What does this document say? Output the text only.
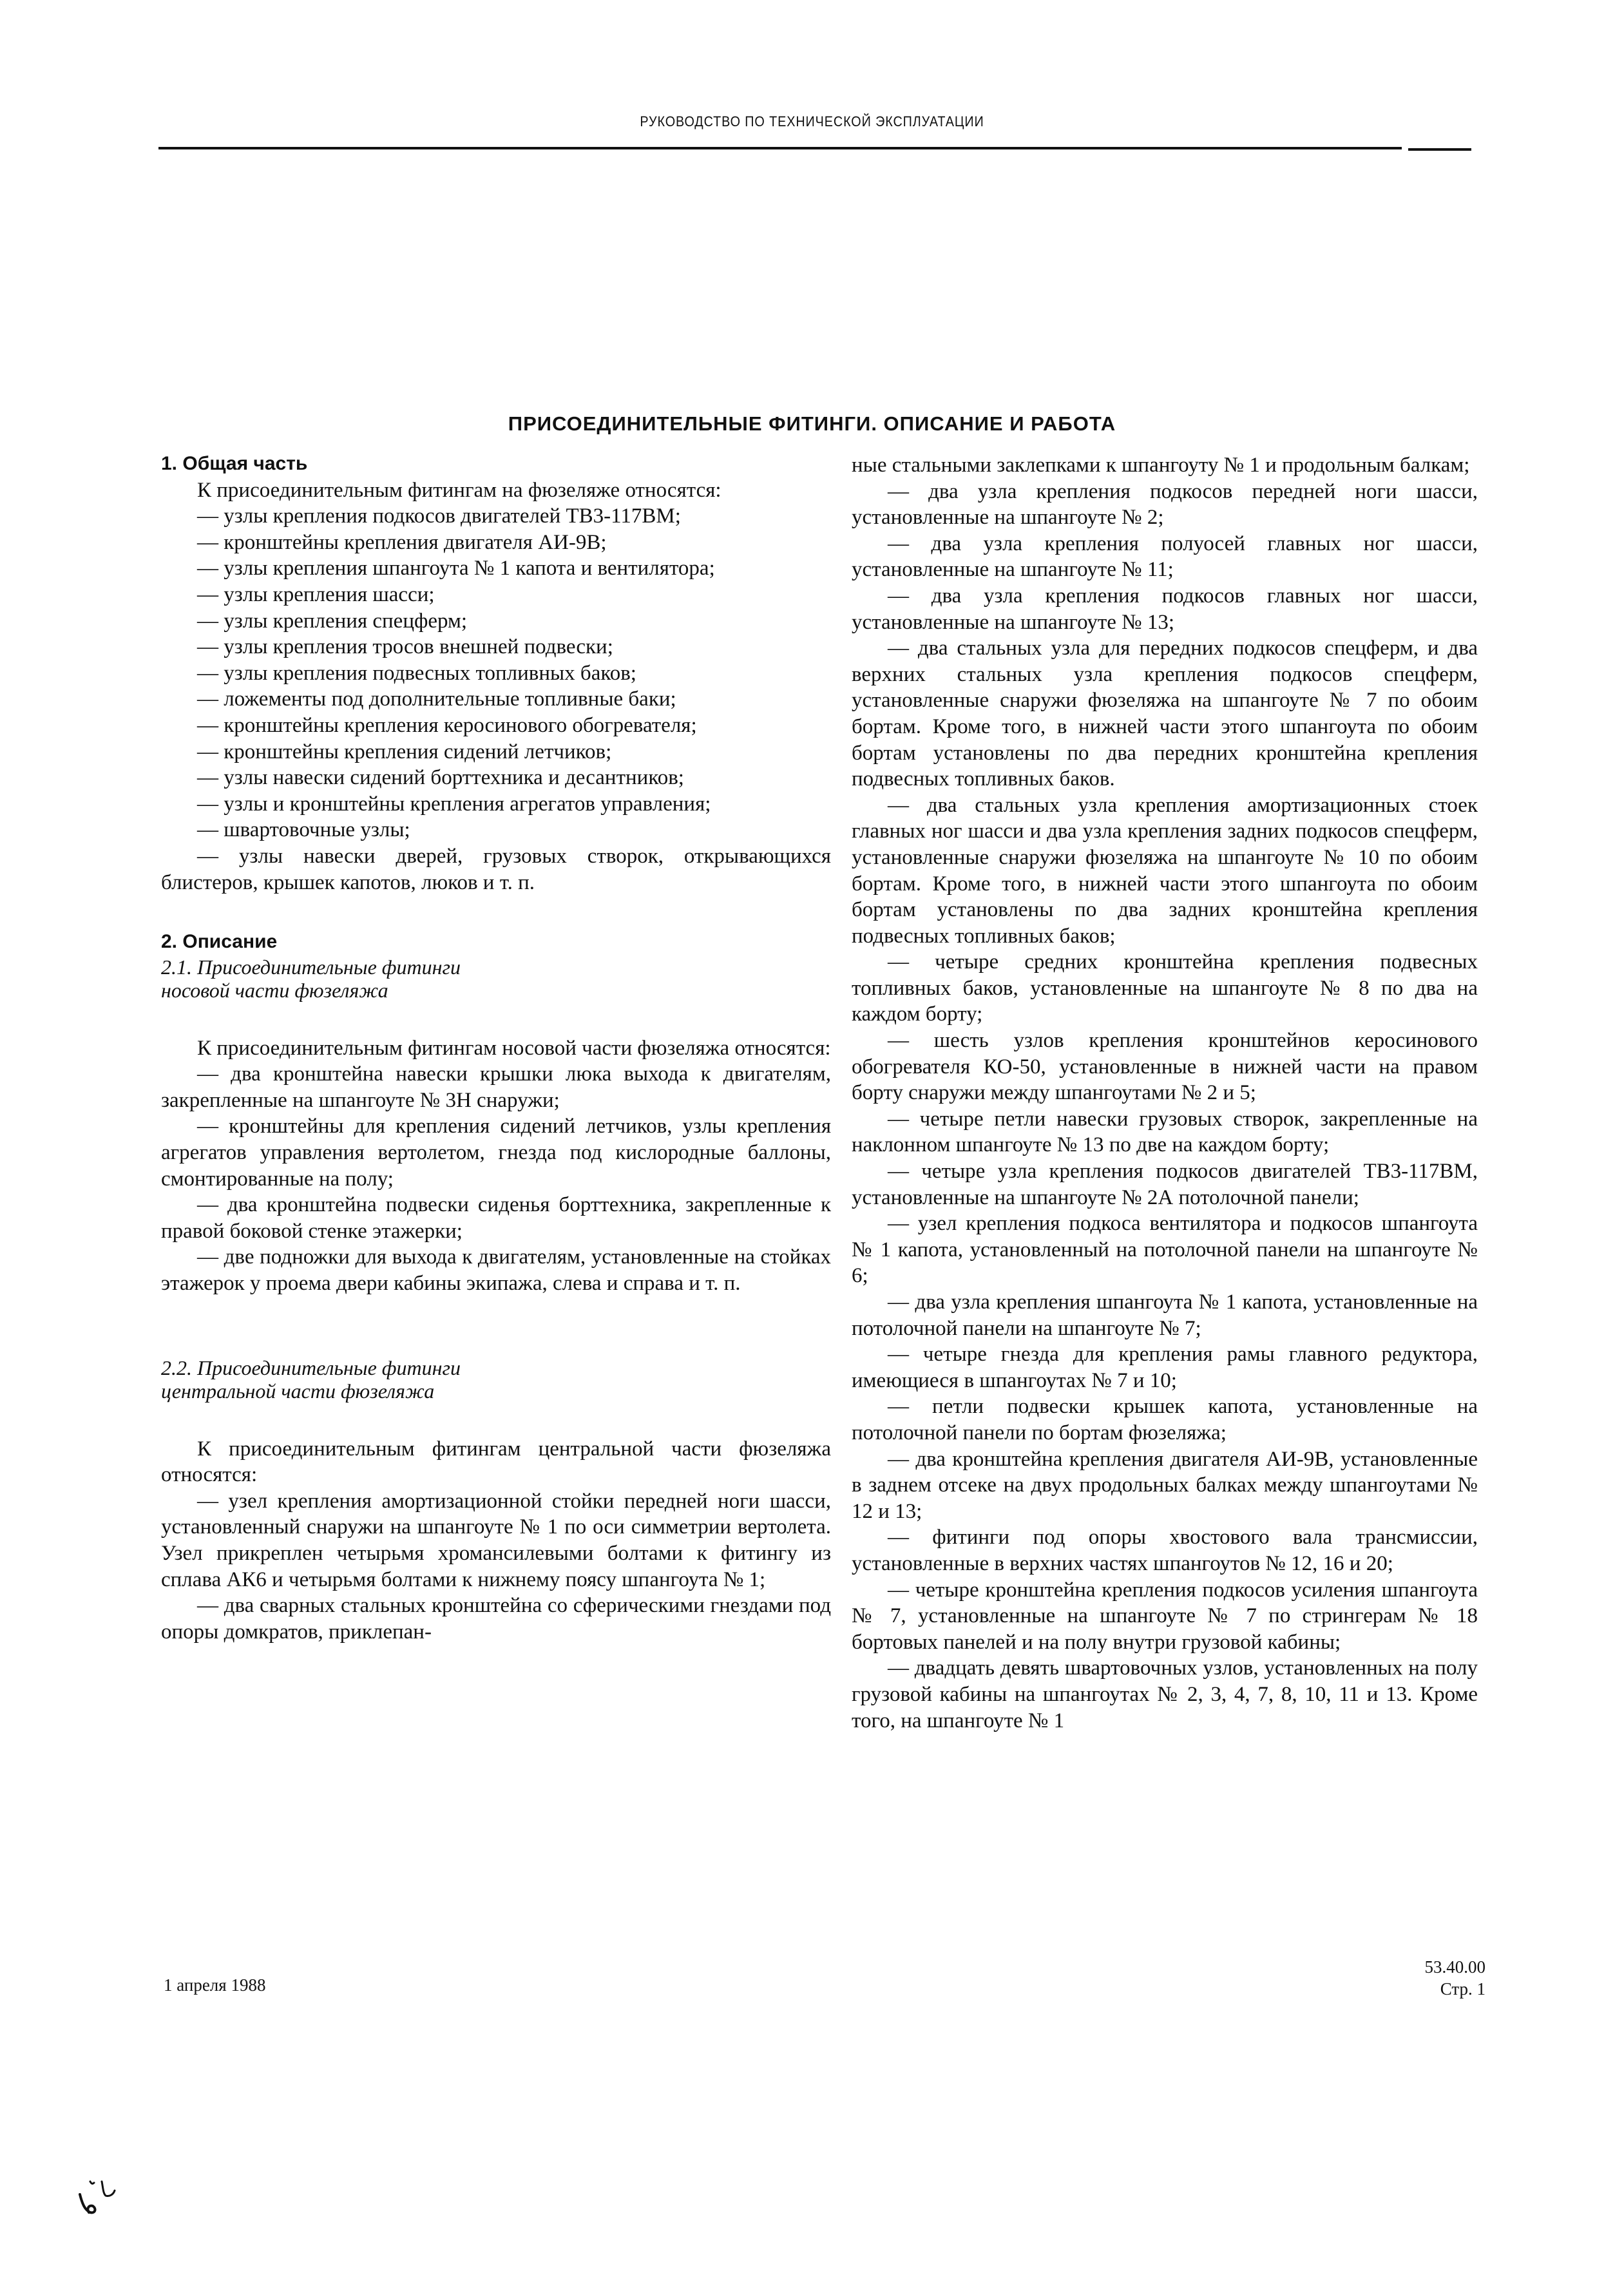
РУКОВОДСТВО ПО ТЕХНИЧЕСКОЙ ЭКСПЛУАТАЦИИ
ПРИСОЕДИНИТЕЛЬНЫЕ ФИТИНГИ. ОПИСАНИЕ И РАБОТА

1. Общая часть

К присоединительным фитингам на фюзеляже относятся:

— узлы крепления подкосов двигателей ТВ3-117ВМ;

— кронштейны крепления двигателя АИ-9В;

— узлы крепления шпангоута № 1 капота и вентилятора;

— узлы крепления шасси;

— узлы крепления спецферм;

— узлы крепления тросов внешней подвески;

— узлы крепления подвесных топливных баков;

— ложементы под дополнительные топливные баки;

— кронштейны крепления керосинового обогревателя;

— кронштейны крепления сидений летчиков;

— узлы навески сидений борттехника и десантников;

— узлы и кронштейны крепления агрегатов управления;

— швартовочные узлы;

— узлы навески дверей, грузовых створок, открывающихся блистеров, крышек капотов, люков и т. п.

2. Описание

2.1. Присоединительные фитинги

носовой части фюзеляжа

К присоединительным фитингам носовой части фюзеляжа относятся:

— два кронштейна навески крышки люка выхода к двигателям, закрепленные на шпангоуте № 3Н снаружи;

— кронштейны для крепления сидений летчиков, узлы крепления агрегатов управления вертолетом, гнезда под кислородные баллоны, смонтированные на полу;

— два кронштейна подвески сиденья борттехника, закрепленные к правой боковой стенке этажерки;

— две подножки для выхода к двигателям, установленные на стойках этажерок у проема двери кабины экипажа, слева и справа и т. п.

2.2. Присоединительные фитинги

центральной части фюзеляжа

К присоединительным фитингам центральной части фюзеляжа относятся:

— узел крепления амортизационной стойки передней ноги шасси, установленный снаружи на шпангоуте № 1 по оси симметрии вертолета. Узел прикреплен четырьмя хромансилевыми болтами к фитингу из сплава АК6 и четырьмя болтами к нижнему поясу шпангоута № 1;

— два сварных стальных кронштейна со сферическими гнездами под опоры домкратов, приклепан-

ные стальными заклепками к шпангоуту № 1 и продольным балкам;

— два узла крепления подкосов передней ноги шасси, установленные на шпангоуте № 2;

— два узла крепления полуосей главных ног шасси, установленные на шпангоуте № 11;

— два узла крепления подкосов главных ног шасси, установленные на шпангоуте № 13;

— два стальных узла для передних подкосов спецферм, и два верхних стальных узла крепления подкосов спецферм, установленные снаружи фюзеляжа на шпангоуте № 7 по обоим бортам. Кроме того, в нижней части этого шпангоута по обоим бортам установлены по два передних кронштейна крепления подвесных топливных баков.

— два стальных узла крепления амортизационных стоек главных ног шасси и два узла крепления задних подкосов спецферм, установленные снаружи фюзеляжа на шпангоуте № 10 по обоим бортам. Кроме того, в нижней части этого шпангоута по обоим бортам установлены по два задних кронштейна крепления подвесных топливных баков;

— четыре средних кронштейна крепления подвесных топливных баков, установленные на шпангоуте № 8 по два на каждом борту;

— шесть узлов крепления кронштейнов керосинового обогревателя КО-50, установленные в нижней части на правом борту снаружи между шпангоутами № 2 и 5;

— четыре петли навески грузовых створок, закрепленные на наклонном шпангоуте № 13 по две на каждом борту;

— четыре узла крепления подкосов двигателей ТВ3-117ВМ, установленные на шпангоуте № 2А потолочной панели;

— узел крепления подкоса вентилятора и подкосов шпангоута № 1 капота, установленный на потолочной панели на шпангоуте № 6;

— два узла крепления шпангоута № 1 капота, установленные на потолочной панели на шпангоуте № 7;

— четыре гнезда для крепления рамы главного редуктора, имеющиеся в шпангоутах № 7 и 10;

— петли подвески крышек капота, установленные на потолочной панели по бортам фюзеляжа;

— два кронштейна крепления двигателя АИ-9В, установленные в заднем отсеке на двух продольных балках между шпангоутами № 12 и 13;

— фитинги под опоры хвостового вала трансмиссии, установленные в верхних частях шпангоутов № 12, 16 и 20;

— четыре кронштейна крепления подкосов усиления шпангоута № 7, установленные на шпангоуте № 7 по стрингерам № 18 бортовых панелей и на полу внутри грузовой кабины;

— двадцать девять швартовочных узлов, установленных на полу грузовой кабины на шпангоутах № 2, 3, 4, 7, 8, 10, 11 и 13. Кроме того, на шпангоуте № 1

1 апреля 1988
53.40.00
Стр. 1
